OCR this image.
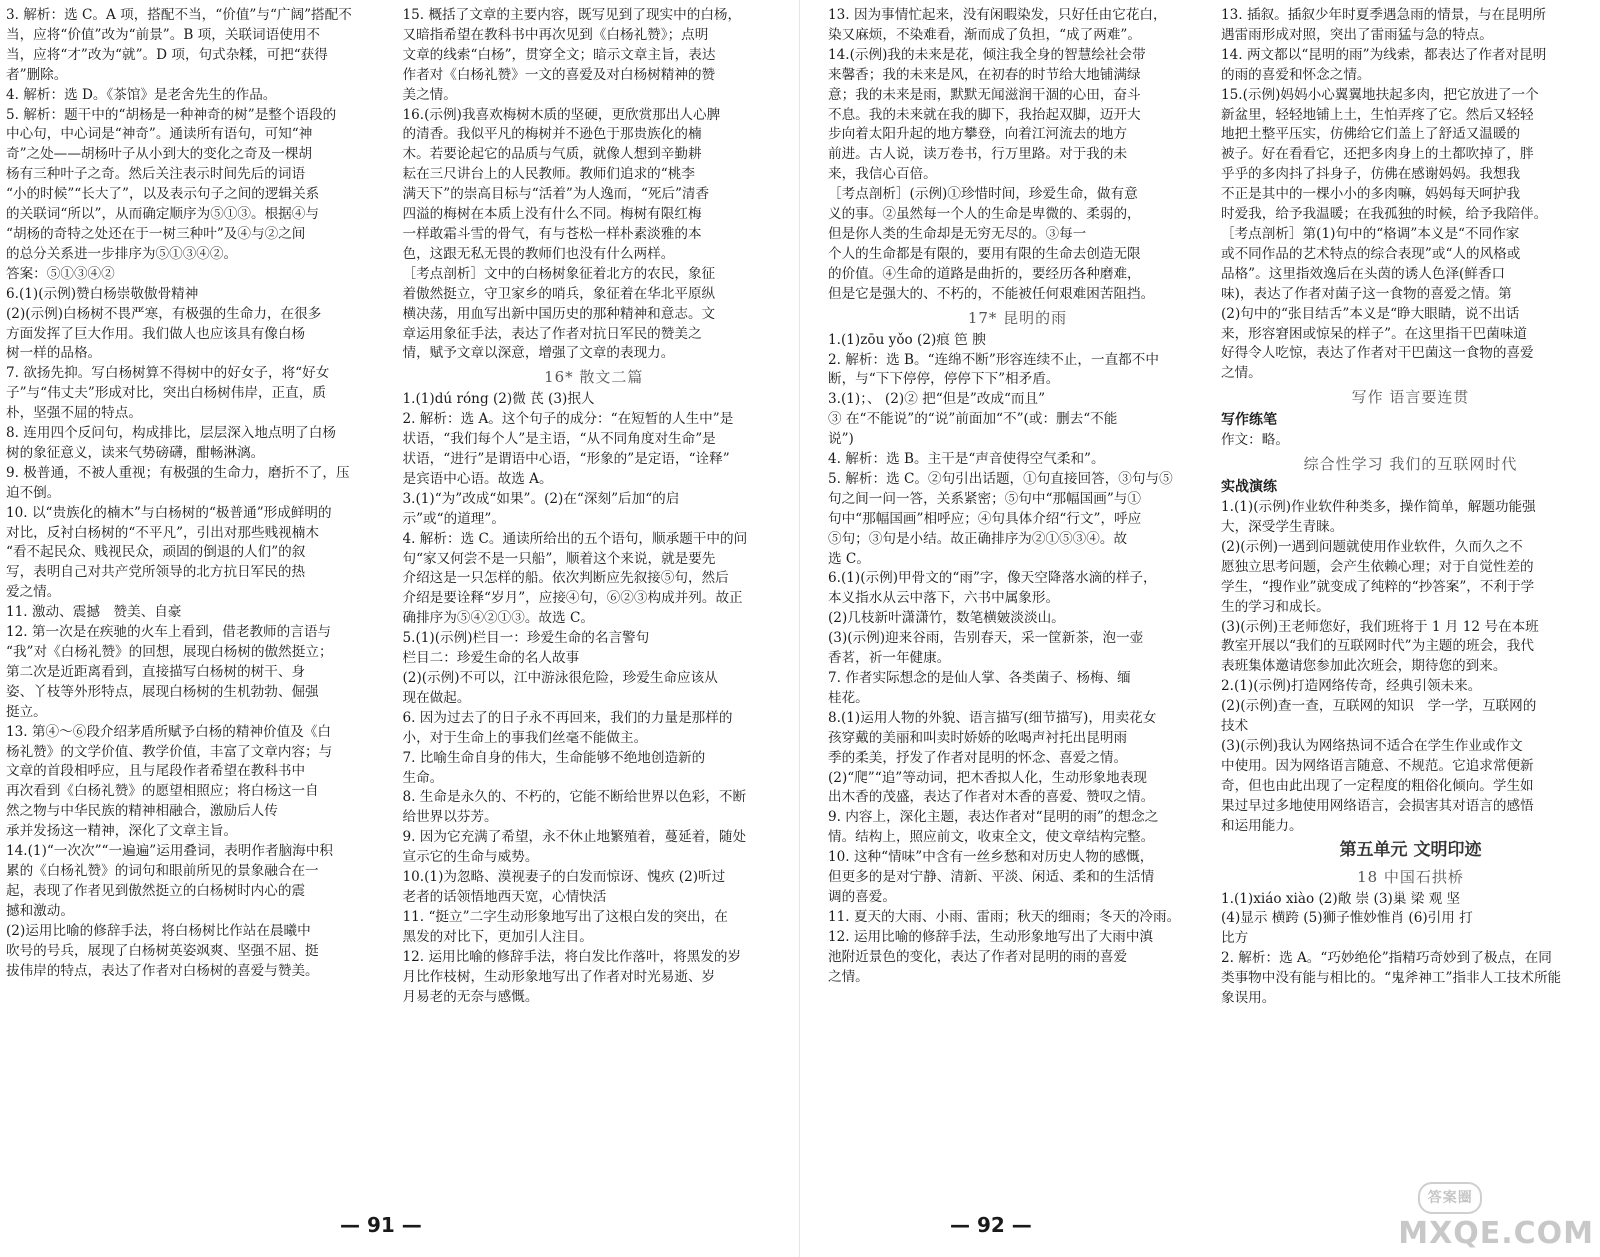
3. 解析：选 C。A 项，搭配不当，“价值”与“广阔”搭配不
当，应将“价值”改为“前景”。B 项，关联词语使用不
当，应将“才”改为“就”。D 项，句式杂糅，可把“获得
者”删除。
4. 解析：选 D。《茶馆》是老舍先生的作品。
5. 解析：题干中的“胡杨是一种神奇的树”是整个语段的
中心句，中心词是“神奇”。通读所有语句，可知“神
奇”之处——胡杨叶子从小到大的变化之奇及一棵胡
杨有三种叶子之奇。然后关注表示时间先后的词语
“小的时候”“长大了”，以及表示句子之间的逻辑关系
的关联词“所以”，从而确定顺序为⑤①③。根据④与
“胡杨的奇特之处还在于一树三种叶”及④与②之间
的总分关系进一步排序为⑤①③④②。
答案：⑤①③④②
6.(1)(示例)赞白杨崇敬傲骨精神
(2)(示例)白杨树不畏严寒，有极强的生命力，在很多
方面发挥了巨大作用。我们做人也应该具有像白杨
树一样的品格。
7. 欲扬先抑。写白杨树算不得树中的好女子，将“好女
子”与“伟丈夫”形成对比，突出白杨树伟岸，正直，质
朴，坚强不屈的特点。
8. 连用四个反问句，构成排比，层层深入地点明了白杨
树的象征意义，读来气势磅礴，酣畅淋漓。
9. 极普通，不被人重视；有极强的生命力，磨折不了，压
迫不倒。
10. 以“贵族化的楠木”与白杨树的“极普通”形成鲜明的
对比，反衬白杨树的“不平凡”，引出对那些贱视楠木
“看不起民众、贱视民众，顽固的倒退的人们”的叙
写，表明自己对共产党所领导的北方抗日军民的热
爱之情。
11. 激动、震撼　赞美、自豪
12. 第一次是在疾驰的火车上看到，借老教师的言语与
“我”对《白杨礼赞》的回想，展现白杨树的傲然挺立；
第二次是近距离看到，直接描写白杨树的树干、身
姿、丫枝等外形特点，展现白杨树的生机勃勃、倔强
挺立。
13. 第④～⑥段介绍茅盾所赋予白杨的精神价值及《白
杨礼赞》的文学价值、教学价值，丰富了文章内容；与
文章的首段相呼应，且与尾段作者希望在教科书中
再次看到《白杨礼赞》的愿望相照应；将白杨这一自
然之物与中华民族的精神相融合，激励后人传
承并发扬这一精神，深化了文章主旨。
14.(1)“一次次”“一遍遍”运用叠词，表明作者脑海中积
累的《白杨礼赞》的词句和眼前所见的景象融合在一
起，表现了作者见到傲然挺立的白杨树时内心的震
撼和激动。
(2)运用比喻的修辞手法，将白杨树比作站在晨曦中
吹号的号兵，展现了白杨树英姿飒爽、坚强不屈、挺
拔伟岸的特点，表达了作者对白杨树的喜爱与赞美。
15. 概括了文章的主要内容，既写见到了现实中的白杨，
又暗指希望在教科书中再次见到《白杨礼赞》；点明
文章的线索“白杨”，贯穿全文；暗示文章主旨，表达
作者对《白杨礼赞》一文的喜爱及对白杨树精神的赞
美之情。
16.(示例)我喜欢梅树木质的坚硬，更欣赏那出人心脾
的清香。我似平凡的梅树并不逊色于那贵族化的楠
木。若要论起它的品质与气质，就像人想到辛勤耕
耘在三尺讲台上的人民教师。教师们追求的“桃李
满天下”的崇高目标与“活着”为人逸而，“死后”清香
四溢的梅树在本质上没有什么不同。梅树有限红梅
一样敢霜斗雪的骨气，有与苍松一样朴素淡雅的本
色，这跟无私无畏的教师们也没有什么两样。
［考点剖析］文中的白杨树象征着北方的农民，象征
着傲然挺立，守卫家乡的哨兵，象征着在华北平原纵
横决荡，用血写出新中国历史的那种精神和意志。文
章运用象征手法，表达了作者对抗日军民的赞美之
情，赋予文章以深意，增强了文章的表现力。
16* 散文二篇
1.(1)dú róng (2)微 芪 (3)抿人
2. 解析：选 A。这个句子的成分：“在短暂的人生中”是
状语，“我们每个人”是主语，“从不同角度对生命”是
状语，“进行”是谓语中心语，“形象的”是定语，“诠释”
是宾语中心语。故选 A。
3.(1)“为”改成“如果”。(2)在“深刻”后加“的启
示”或“的道理”。
4. 解析：选 C。通读所给出的五个语句，顺承题干中的问
句“家又何尝不是一只船”，顺着这个来说，就是要先
介绍这是一只怎样的船。依次判断应先叙接⑤句，然后
介绍是要诠释“岁月”，应接④句，⑥②③构成并列。故正
确排序为⑤④②①③。故选 C。
5.(1)(示例)栏目一：珍爱生命的名言警句
栏目二：珍爱生命的名人故事
(2)(示例)不可以，江中游泳很危险，珍爱生命应该从
现在做起。
6. 因为过去了的日子永不再回来，我们的力量是那样的
小，对于生命上的事我们丝毫不能做主。
7. 比喻生命自身的伟大，生命能够不绝地创造新的
生命。
8. 生命是永久的、不朽的，它能不断给世界以色彩，不断
给世界以芬芳。
9. 因为它充满了希望，永不休止地繁殖着，蔓延着，随处
宣示它的生命与威势。
10.(1)为忽略、漠视妻子的白发而惊讶、愧疚 (2)听过
老者的话领悟地西天宽，心情快活
11. “挺立”二字生动形象地写出了这根白发的突出，在
黑发的对比下，更加引人注目。
12. 运用比喻的修辞手法，将白发比作落叶，将黑发的岁
月比作枝树，生动形象地写出了作者对时光易逝、岁
月易老的无奈与感慨。
— 91 —
13. 因为事情忙起来，没有闲暇染发，只好任由它花白，
染又麻烦，不染难看，渐而成了负担，“成了两难”。
14.(示例)我的未来是花，倾注我全身的智慧绘社会带
来馨香；我的未来是风，在初春的时节给大地铺满绿
意；我的未来是雨，默默无闻滋润干涸的心田，奋斗
不息。我的未来就在我的脚下，我抬起双脚，迈开大
步向着太阳升起的地方攀登，向着江河流去的地方
前进。古人说，读万卷书，行万里路。对于我的未
来，我信心百倍。
［考点剖析］(示例)①珍惜时间，珍爱生命，做有意
义的事。②虽然每一个人的生命是卑微的、柔弱的，
但是你人类的生命却是无穷无尽的。③每一
个人的生命都是有限的，要用有限的生命去创造无限
的价值。④生命的道路是曲折的，要经历各种磨难，
但是它是强大的、不朽的，不能被任何艰难困苦阻挡。
17* 昆明的雨
1.(1)zōu yǒo (2)痕 笆 腴
2. 解析：选 B。“连绵不断”形容连续不止，一直都不中
断，与“下下停停，停停下下”相矛盾。
3.(1)；、 (2)② 把“但是”改成“而且”
③ 在“不能说”的“说”前面加“不”(或：删去“不能
说”)
4. 解析：选 B。主干是“声音使得空气柔和”。
5. 解析：选 C。②句引出话题，①句直接回答，③句与⑤
句之间一问一答，关系紧密；⑤句中“那幅国画”与①
句中“那幅国画”相呼应；④句具体介绍“行文”，呼应
⑤句；③句是小结。故正确排序为②①⑤③④。故
选 C。
6.(1)(示例)甲骨文的“雨”字，像天空降落水滴的样子，
本义指水从云中落下，六书中属象形。
(2)几枝新叶潇潇竹，数笔横皴淡淡山。
(3)(示例)迎来谷雨，告别春天，采一筐新茶，泡一壶
香茗，祈一年健康。
7. 作者实际想念的是仙人掌、各类菌子、杨梅、缅
桂花。
8.(1)运用人物的外貌、语言描写(细节描写)，用卖花女
孩穿戴的美丽和叫卖时娇娇的吆喝声衬托出昆明雨
季的柔美，抒发了作者对昆明的怀念、喜爱之情。
(2)“爬”“追”等动词，把木香拟人化，生动形象地表现
出木香的茂盛，表达了作者对木香的喜爱、赞叹之情。
9. 内容上，深化主题，表达作者对“昆明的雨”的想念之
情。结构上，照应前文，收束全文，使文章结构完整。
10. 这种“情味”中含有一丝乡愁和对历史人物的感慨，
但更多的是对宁静、清新、平淡、闲适、柔和的生活情
调的喜爱。
11. 夏天的大雨、小雨、雷雨；秋天的细雨；冬天的冷雨。
12. 运用比喻的修辞手法，生动形象地写出了大雨中滇
池附近景色的变化，表达了作者对昆明的雨的喜爱
之情。
13. 插叙。插叙少年时夏季遇急雨的情景，与在昆明所
遇雷雨形成对照，突出了雷雨猛与急的特点。
14. 两文都以“昆明的雨”为线索，都表达了作者对昆明
的雨的喜爱和怀念之情。
15.(示例)妈妈小心翼翼地扶起多肉，把它放进了一个
新盆里，轻轻地铺上土，生怕弄疼了它。然后又轻轻
地把土整平压实，仿佛给它们盖上了舒适又温暖的
被子。好在看看它，还把多肉身上的土都吹掉了，胖
乎乎的多肉抖了抖身子，仿佛在感谢妈妈。我想我
不正是其中的一棵小小的多肉嘛，妈妈每天呵护我
时爱我，给予我温暖；在我孤独的时候，给予我陪伴。
［考点剖析］第(1)句中的“格调”本义是“不同作家
或不同作品的艺术特点的综合表现”或“人的风格或
品格”。这里指效逸后在头茵的诱人色泽(鲜香口
味)，表达了作者对菌子这一食物的喜爱之情。第
(2)句中的“张目结舌”本义是“睁大眼睛，说不出话
来，形容窘困或惊呆的样子”。在这里指干巴菌味道
好得令人吃惊，表达了作者对干巴菌这一食物的喜爱
之情。
写作 语言要连贯
写作练笔
作文：略。
综合性学习 我们的互联网时代
实战演练
1.(1)(示例)作业软件种类多，操作简单，解题功能强
大，深受学生青睐。
(2)(示例)一遇到问题就使用作业软件，久而久之不
愿独立思考问题，会产生依赖心理；对于自觉性差的
学生，“搜作业”就变成了纯粹的“抄答案”，不利于学
生的学习和成长。
(3)(示例)王老师您好，我们班将于 1 月 12 号在本班
教室开展以“我们的互联网时代”为主题的班会，我代
表班集体邀请您参加此次班会，期待您的到来。
2.(1)(示例)打造网络传奇，经典引领未来。
(2)(示例)查一查，互联网的知识　学一学，互联网的
技术
(3)(示例)我认为网络热词不适合在学生作业或作文
中使用。因为网络语言随意、不规范。它追求常便新
奇，但也由此出现了一定程度的粗俗化倾向。学生如
果过早过多地使用网络语言，会损害其对语言的感悟
和运用能力。
第五单元 文明印迹
18 中国石拱桥
1.(1)xiáo xiào (2)敞 崇 (3)巢 梁 观 坚
(4)显示 横跨 (5)狮子惟妙惟肖 (6)引用 打
比方
2. 解析：选 A。“巧妙绝伦”指精巧奇妙到了极点，在同
类事物中没有能与相比的。“鬼斧神工”指非人工技术所能
象误用。
— 92 —
答案圈
MXQE.COM
